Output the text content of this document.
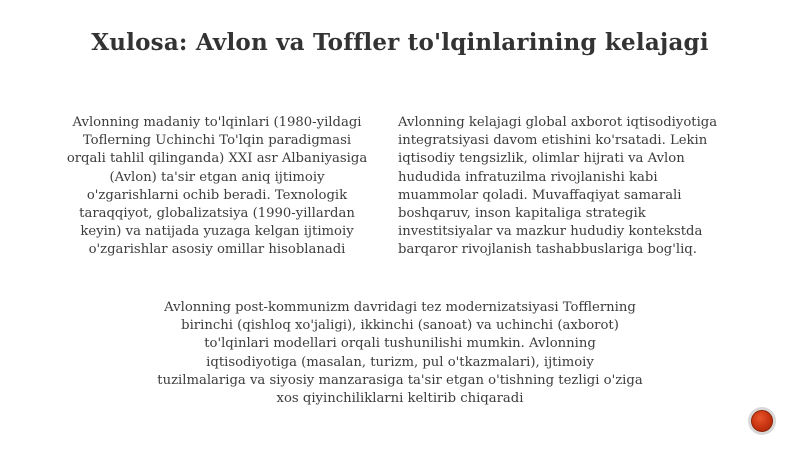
Xulosa: Avlon va Toffler to'lqinlarining kelajagi
Avlonning madaniy to'lqinlari (1980-yildagi
Toflerning Uchinchi To'lqin paradigmasi
orqali tahlil qilinganda) XXI asr Albaniyasiga
(Avlon) ta'sir etgan aniq ijtimoiy
o'zgarishlarni ochib beradi. Texnologik
taraqqiyot, globalizatsiya (1990-yillardan
keyin) va natijada yuzaga kelgan ijtimoiy
o'zgarishlar asosiy omillar hisoblanadi
Avlonning kelajagi global axborot iqtisodiyotiga
integratsiyasi davom etishini ko'rsatadi. Lekin
iqtisodiy tengsizlik, olimlar hijrati va Avlon
hududida infratuzilma rivojlanishi kabi
muammolar qoladi. Muvaffaqiyat samarali
boshqaruv, inson kapitaliga strategik
investitsiyalar va mazkur hududiy kontekstda
barqaror rivojlanish tashabbuslariga bog'liq.
Avlonning post-kommunizm davridagi tez modernizatsiyasi Tofflerning
birinchi (qishloq xo'jaligi), ikkinchi (sanoat) va uchinchi (axborot)
to'lqinlari modellari orqali tushunilishi mumkin. Avlonning
iqtisodiyotiga (masalan, turizm, pul o'tkazmalari), ijtimoiy
tuzilmalariga va siyosiy manzarasiga ta'sir etgan o'tishning tezligi o'ziga
xos qiyinchiliklarni keltirib chiqaradi
